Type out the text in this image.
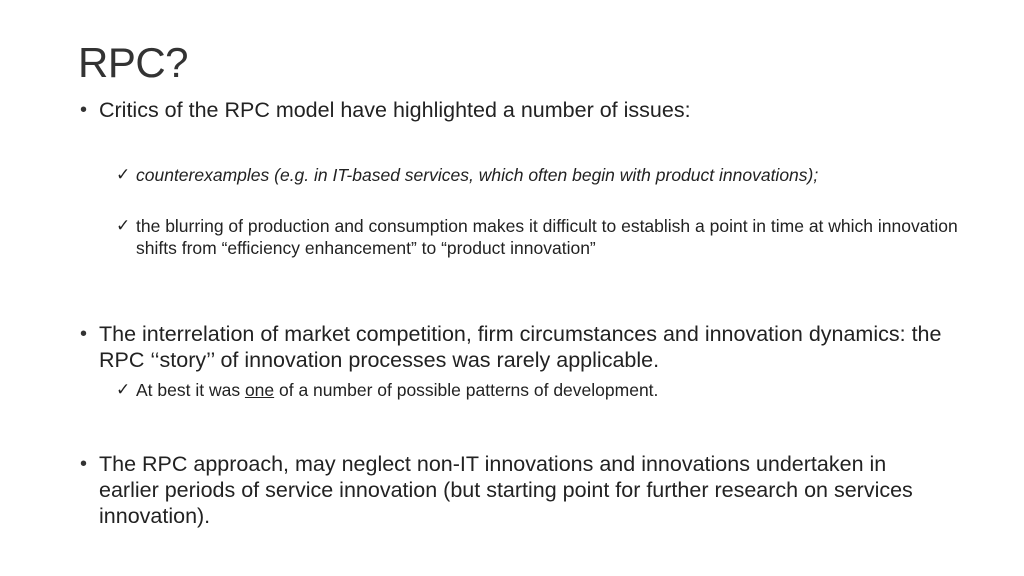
RPC?
• Critics of the RPC model have highlighted a number of issues:
✓ counterexamples (e.g. in IT-based services, which often begin with product innovations);
✓ the blurring of production and consumption makes it difficult to establish a point in time at which innovation shifts from “efficiency enhancement” to “product innovation”
• The interrelation of market competition, firm circumstances and innovation dynamics: the RPC ‘‘story’’ of innovation processes was rarely applicable.
✓ At best it was one of a number of possible patterns of development.
• The RPC approach, may neglect non-IT innovations and innovations undertaken in earlier periods of service innovation (but starting point for further research on services innovation).
